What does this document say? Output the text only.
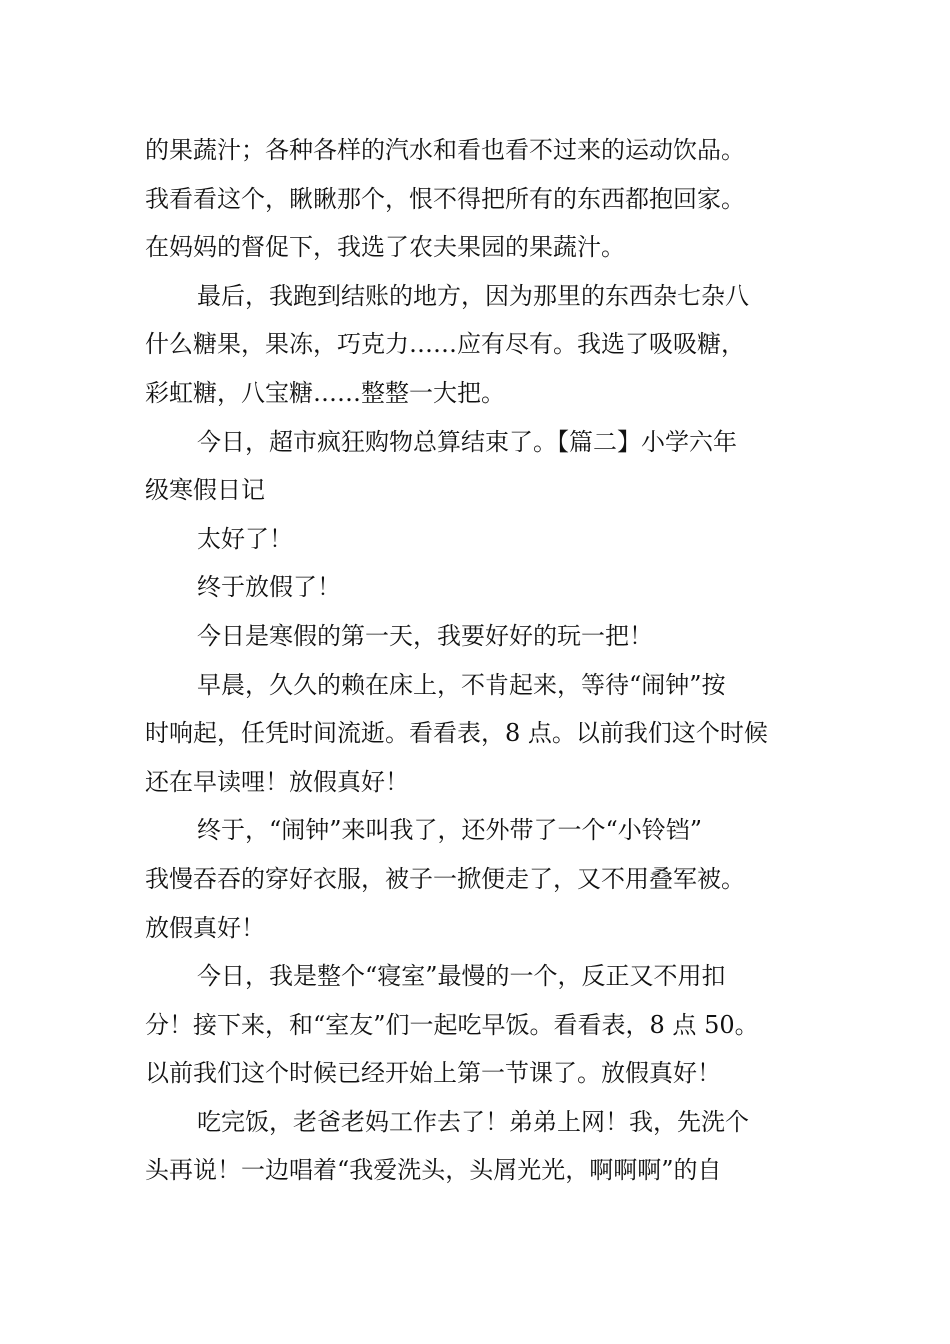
的果蔬汁；各种各样的汽水和看也看不过来的运动饮品。
我看看这个，瞅瞅那个，恨不得把所有的东西都抱回家。
在妈妈的督促下，我选了农夫果园的果蔬汁。
最后，我跑到结账的地方，因为那里的东西杂七杂八
什么糖果，果冻，巧克力……应有尽有。我选了吸吸糖，
彩虹糖，八宝糖……整整一大把。
今日，超市疯狂购物总算结束了。【篇二】小学六年
级寒假日记
太好了！
终于放假了！
今日是寒假的第一天，我要好好的玩一把！
早晨，久久的赖在床上，不肯起来，等待“闹钟”按
时响起，任凭时间流逝。看看表，8 点。以前我们这个时候
还在早读哩！放假真好！
终于，“闹钟”来叫我了，还外带了一个“小铃铛”
我慢吞吞的穿好衣服，被子一掀便走了，又不用叠军被。
放假真好！
今日，我是整个“寝室”最慢的一个，反正又不用扣
分！接下来，和“室友”们一起吃早饭。看看表，8 点 50。
以前我们这个时候已经开始上第一节课了。放假真好！
吃完饭，老爸老妈工作去了！弟弟上网！我，先洗个
头再说！一边唱着“我爱洗头，头屑光光，啊啊啊”的自
